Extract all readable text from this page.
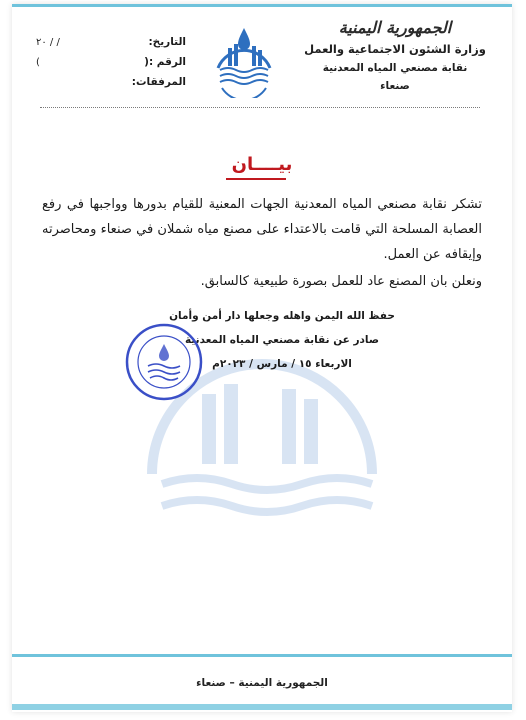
الجمهورية اليمنية
وزارة الشئون الاجتماعية والعمل
نقابة مصنعي المياه المعدنية
صنعاء
التاريخ:
/ / ٢٠
الرقم :(
)
المرفقات:
بيــــان
تشكر نقابة مصنعي المياه المعدنية الجهات المعنية للقيام بدورها وواجبها في رفع العصابة المسلحة التي قامت بالاعتداء على مصنع مياه شملان في صنعاء ومحاصرته وإيقافه عن العمل.
ونعلن بان المصنع عاد للعمل بصورة طبيعية كالسابق.
حفظ الله اليمن واهله وجعلها دار أمن وأمان
صادر عن نقابة مصنعي المياه المعدنية
الاربعاء ١٥ / مارس / ٢٠٢٣م
الجمهورية اليمنية – صنعاء
